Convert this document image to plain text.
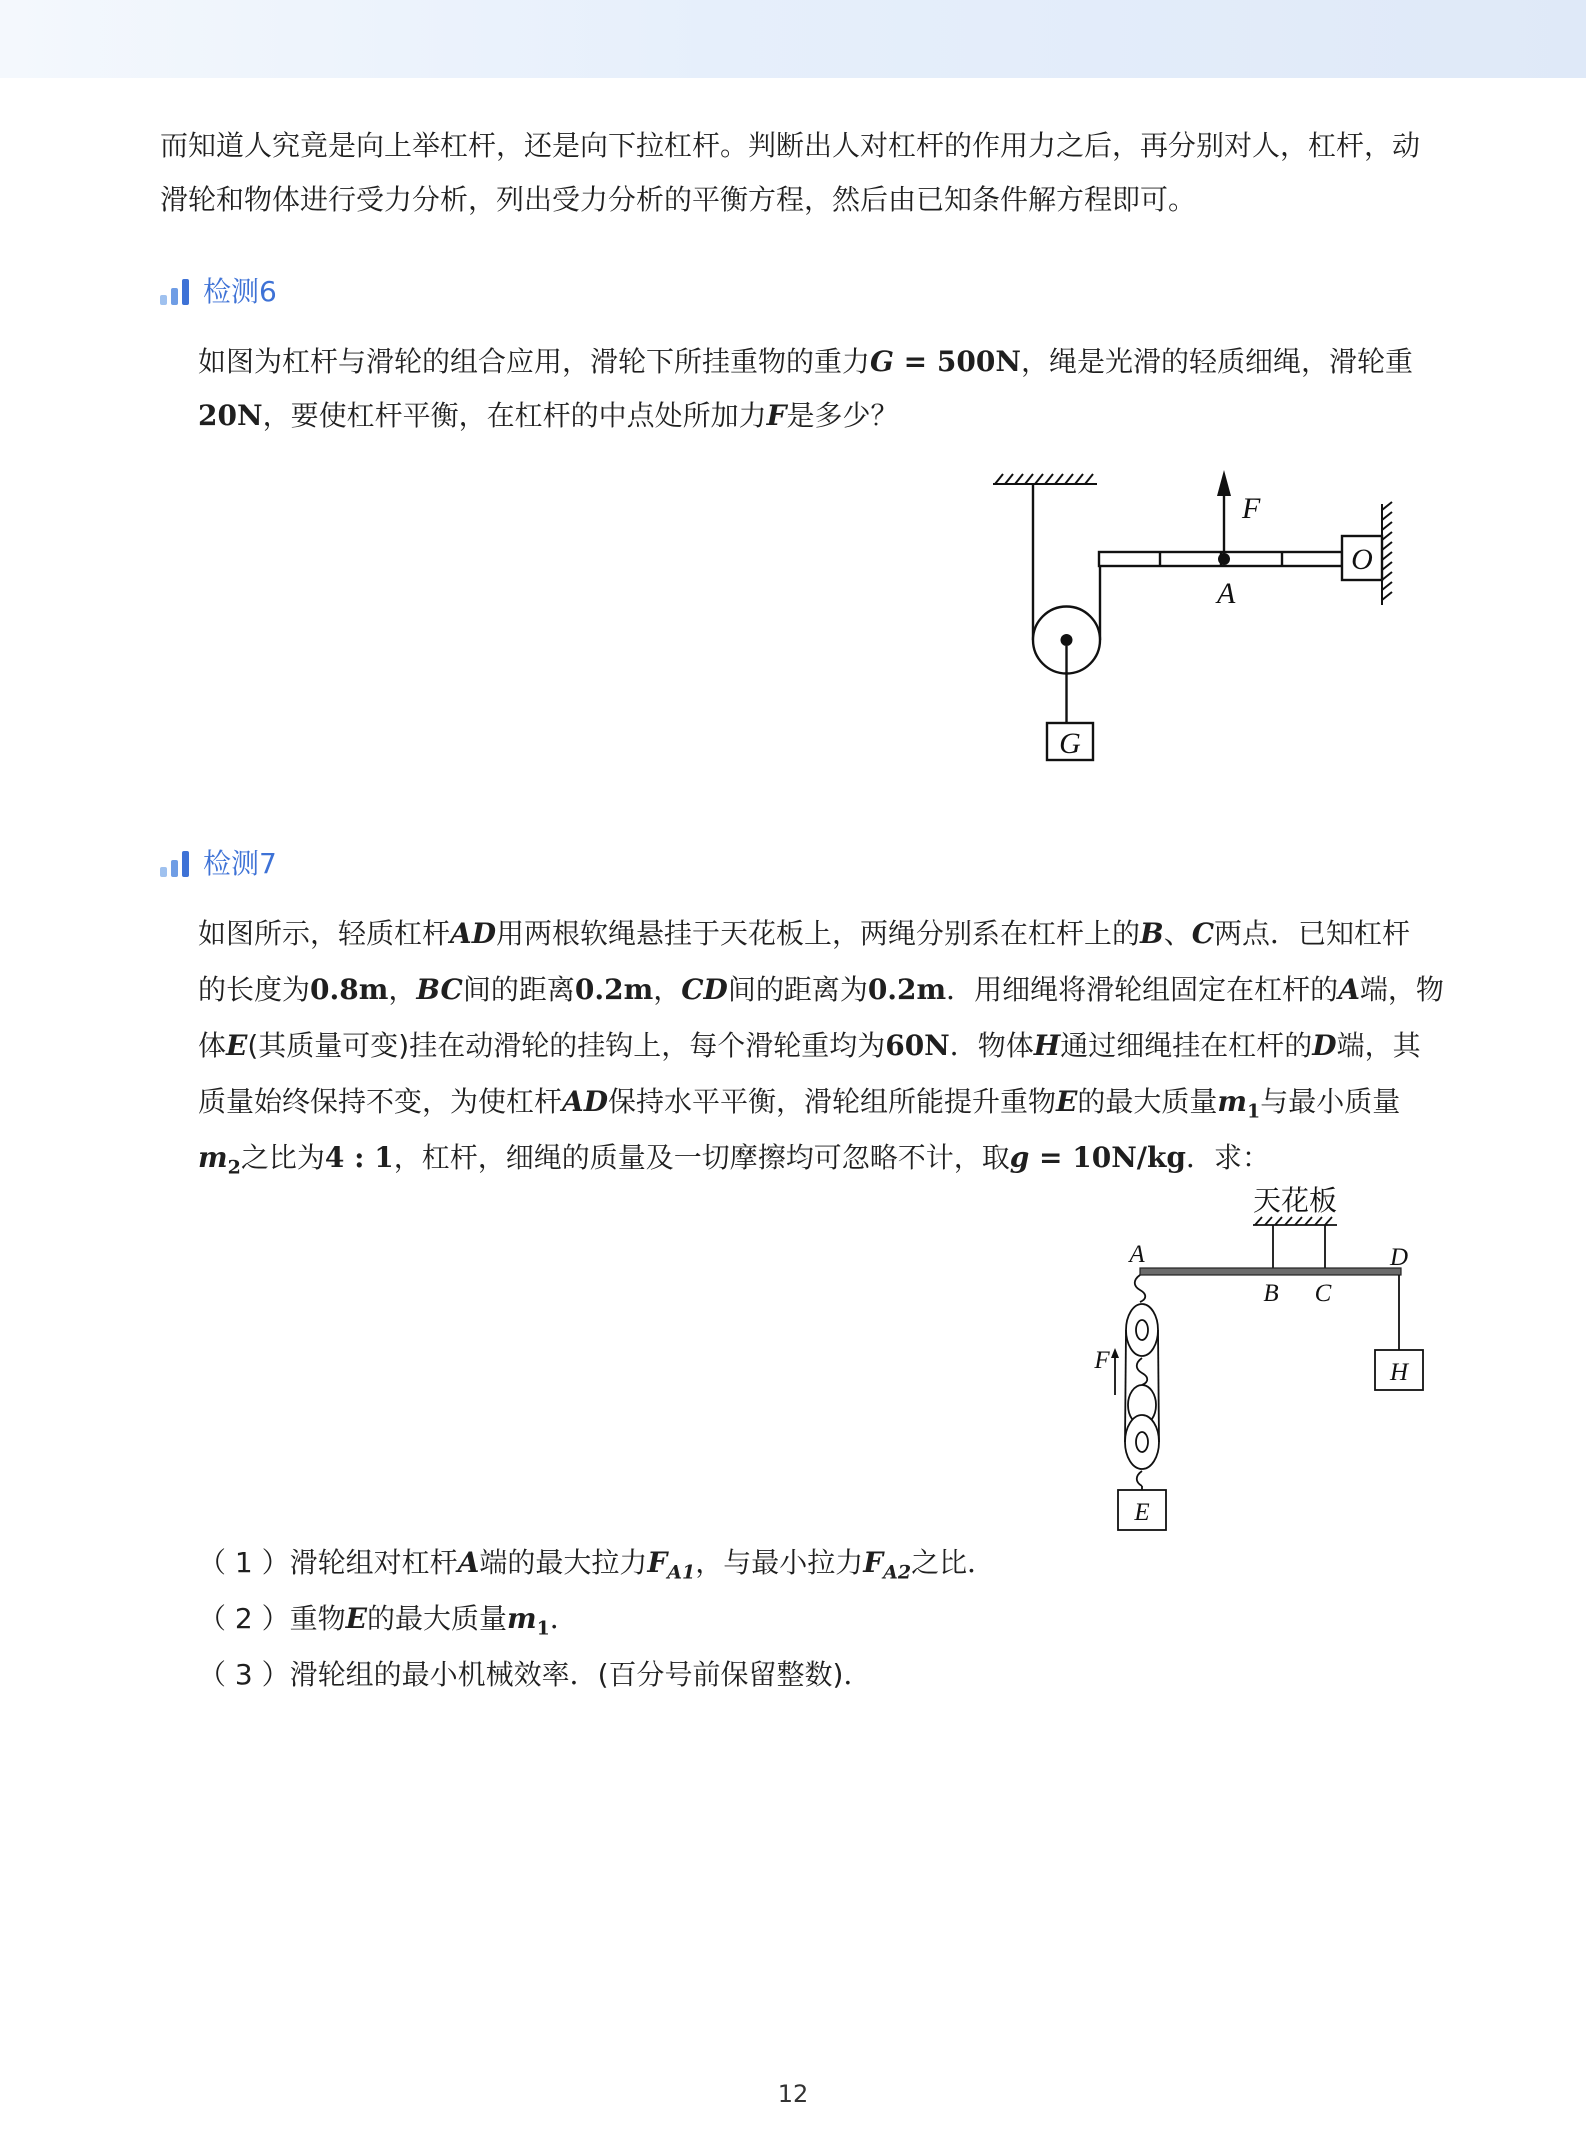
而知道人究竟是向上举杠杆，还是向下拉杠杆。判断出人对杠杆的作用力之后，再分别对人，杠杆，动

滑轮和物体进行受力分析，列出受力分析的平衡方程，然后由已知条件解方程即可。

检测6

如图为杠杆与滑轮的组合应用，滑轮下所挂重物的重力G = 500N，绳是光滑的轻质细绳，滑轮重

20N，要使杠杆平衡，在杠杆的中点处所加力F是多少？

G
F
A
O
检测7

如图所示，轻质杠杆AD用两根软绳悬挂于天花板上，两绳分别系在杠杆上的B、C两点．已知杠杆

的长度为0.8m，BC间的距离0.2m，CD间的距离为0.2m．用细绳将滑轮组固定在杠杆的A端，物

体E(其质量可变)挂在动滑轮的挂钩上，每个滑轮重均为60N．物体H通过细绳挂在杠杆的D端，其

质量始终保持不变，为使杠杆AD保持水平平衡，滑轮组所能提升重物E的最大质量$m_1$与最小质量

$m_2$之比为4 : 1，杠杆，细绳的质量及一切摩擦均可忽略不计，取g = 10N/kg．求：

天花板
A
B C
D
H
F
E

（ 1 ）滑轮组对杠杆A端的最大拉力$F_{A1}$，与最小拉力$F_{A2}$之比．

（ 2 ）重物E的最大质量$m_1$．

（ 3 ）滑轮组的最小机械效率．(百分号前保留整数)．

12
